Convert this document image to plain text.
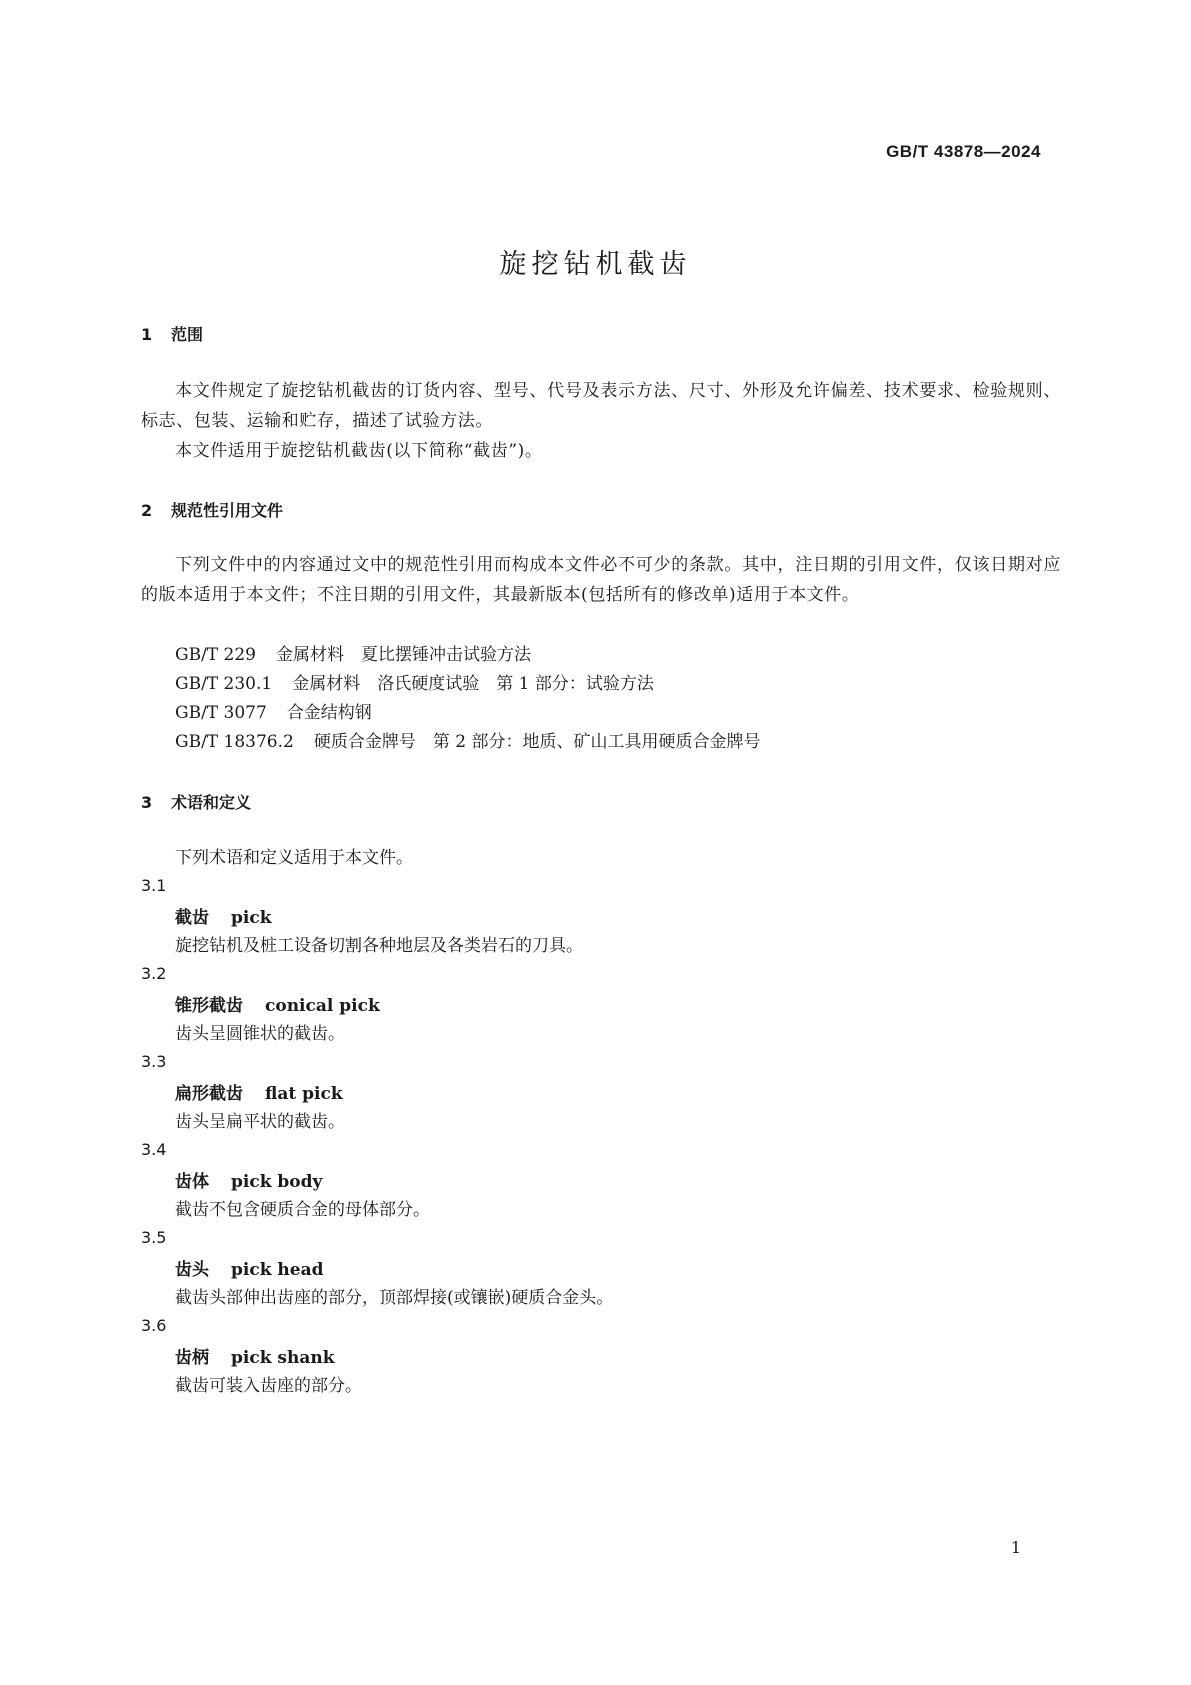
GB/T 43878—2024
旋挖钻机截齿
1 范围
本文件规定了旋挖钻机截齿的订货内容、型号、代号及表示方法、尺寸、外形及允许偏差、技术要求、检验规则、标志、包装、运输和贮存，描述了试验方法。
本文件适用于旋挖钻机截齿(以下简称“截齿”)。
2 规范性引用文件
下列文件中的内容通过文中的规范性引用而构成本文件必不可少的条款。其中，注日期的引用文件，仅该日期对应的版本适用于本文件；不注日期的引用文件，其最新版本(包括所有的修改单)适用于本文件。
GB/T 229 金属材料　夏比摆锤冲击试验方法
GB/T 230.1 金属材料　洛氏硬度试验　第 1 部分：试验方法
GB/T 3077 合金结构钢
GB/T 18376.2 硬质合金牌号　第 2 部分：地质、矿山工具用硬质合金牌号
3 术语和定义
下列术语和定义适用于本文件。
3.1
截齿 pick
旋挖钻机及桩工设备切割各种地层及各类岩石的刀具。
3.2
锥形截齿 conical pick
齿头呈圆锥状的截齿。
3.3
扁形截齿 flat pick
齿头呈扁平状的截齿。
3.4
齿体 pick body
截齿不包含硬质合金的母体部分。
3.5
齿头 pick head
截齿头部伸出齿座的部分，顶部焊接(或镶嵌)硬质合金头。
3.6
齿柄 pick shank
截齿可装入齿座的部分。
1
